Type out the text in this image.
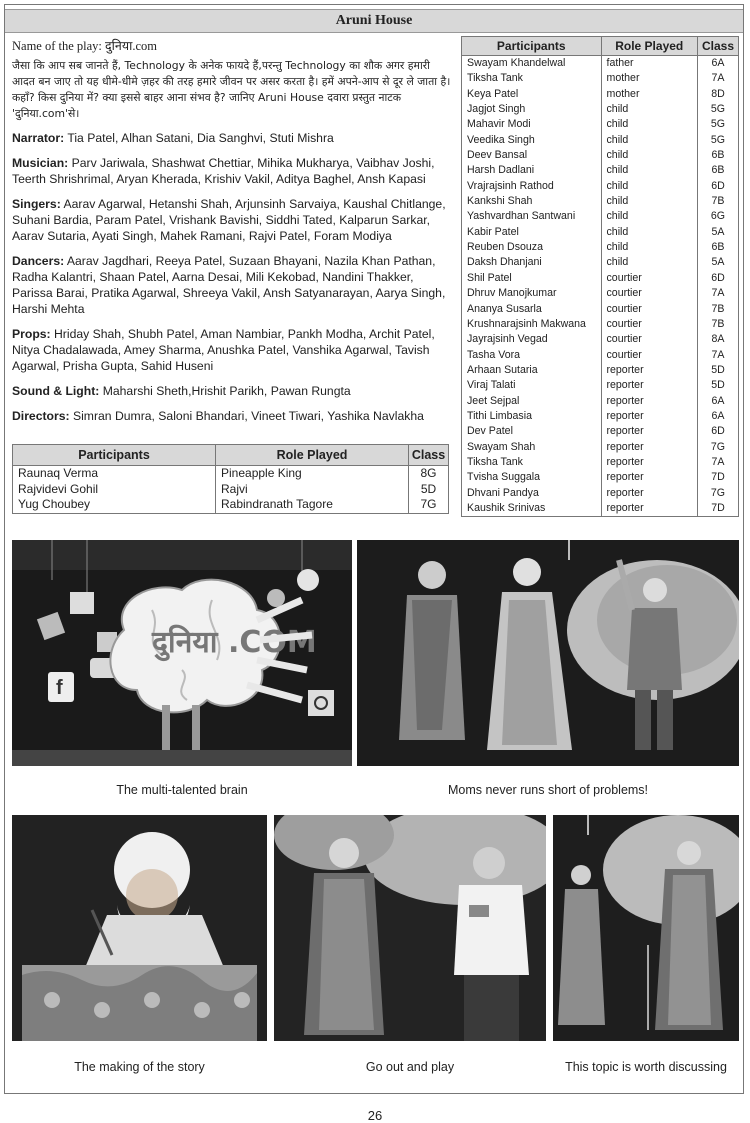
Aruni House

Name of the play: दुनिया.com

जैसा कि आप सब जानते हैं, Technology के अनेक फायदे हैं,परन्तु Technology का शौक अगर हमारी आदत बन जाए तो यह धीमे-धीमे ज़हर की तरह हमारे जीवन पर असर करता है। हमें अपने-आप से दूर ले जाता है। कहाँ? किस दुनिया में? क्या इससे बाहर आना संभव है? जानिए Aruni House दवारा प्रस्तुत नाटक 'दुनिया.com'से।

Narrator: Tia Patel, Alhan Satani, Dia Sanghvi, Stuti Mishra

Musician: Parv Jariwala, Shashwat Chettiar, Mihika Mukharya, Vaibhav Joshi, Teerth Shrishrimal, Aryan Kherada, Krishiv Vakil, Aditya Baghel, Ansh Kapasi

Singers: Aarav Agarwal, Hetanshi Shah, Arjunsinh Sarvaiya, Kaushal Chitlange, Suhani Bardia, Param Patel, Vrishank Bavishi, Siddhi Tated, Kalparun Sarkar, Aarav Sutaria, Ayati Singh, Mahek Ramani, Rajvi Patel, Foram Modiya

Dancers: Aarav Jagdhari, Reeya Patel, Suzaan Bhayani, Nazila Khan Pathan, Radha Kalantri, Shaan Patel, Aarna Desai, Mili Kekobad, Nandini Thakker, Parissa Barai, Pratika Agarwal, Shreeya Vakil, Ansh Satyanarayan, Aarya Singh, Harshi Mehta

Props: Hriday Shah, Shubh Patel, Aman Nambiar, Pankh Modha, Archit Patel, Nitya Chadalawada, Amey Sharma, Anushka Patel, Vanshika Agarwal, Tavish Agarwal, Prisha Gupta, Sahid Huseni

Sound & Light: Maharshi Sheth,Hrishit Parikh, Pawan Rungta

Directors: Simran Dumra, Saloni Bhandari, Vineet Tiwari, Yashika Navlakha

Participants	Role Played	Class
Raunaq Verma	Pineapple King	8G
Rajvidevi Gohil	Rajvi	5D
Yug Choubey	Rabindranath Tagore	7G
Participants	Role Played	Class
Swayam Khandelwal	father	6A
Tiksha Tank	mother	7A
Keya Patel	mother	8D
Jagjot Singh	child	5G
Mahavir Modi	child	5G
Veedika Singh	child	5G
Deev Bansal	child	6B
Harsh Dadlani	child	6B
Vrajrajsinh Rathod	child	6D
Kankshi Shah	child	7B
Yashvardhan Santwani	child	6G
Kabir Patel	child	5A
Reuben Dsouza	child	6B
Daksh Dhanjani	child	5A
Shil Patel	courtier	6D
Dhruv Manojkumar	courtier	7A
Ananya Susarla	courtier	7B
Krushnarajsinh Makwana	courtier	7B
Jayrajsinh Vegad	courtier	8A
Tasha Vora	courtier	7A
Arhaan Sutaria	reporter	5D
Viraj Talati	reporter	5D
Jeet Sejpal	reporter	6A
Tithi Limbasia	reporter	6A
Dev Patel	reporter	6D
Swayam Shah	reporter	7G
Tiksha Tank	reporter	7A
Tvisha Suggala	reporter	7D
Dhvani Pandya	reporter	7G
Kaushik Srinivas	reporter	7D
f
दुनिया .COM
The multi-talented brain	Moms never runs short of problems!
The making of the story	Go out and play	This topic is worth discussing
26
